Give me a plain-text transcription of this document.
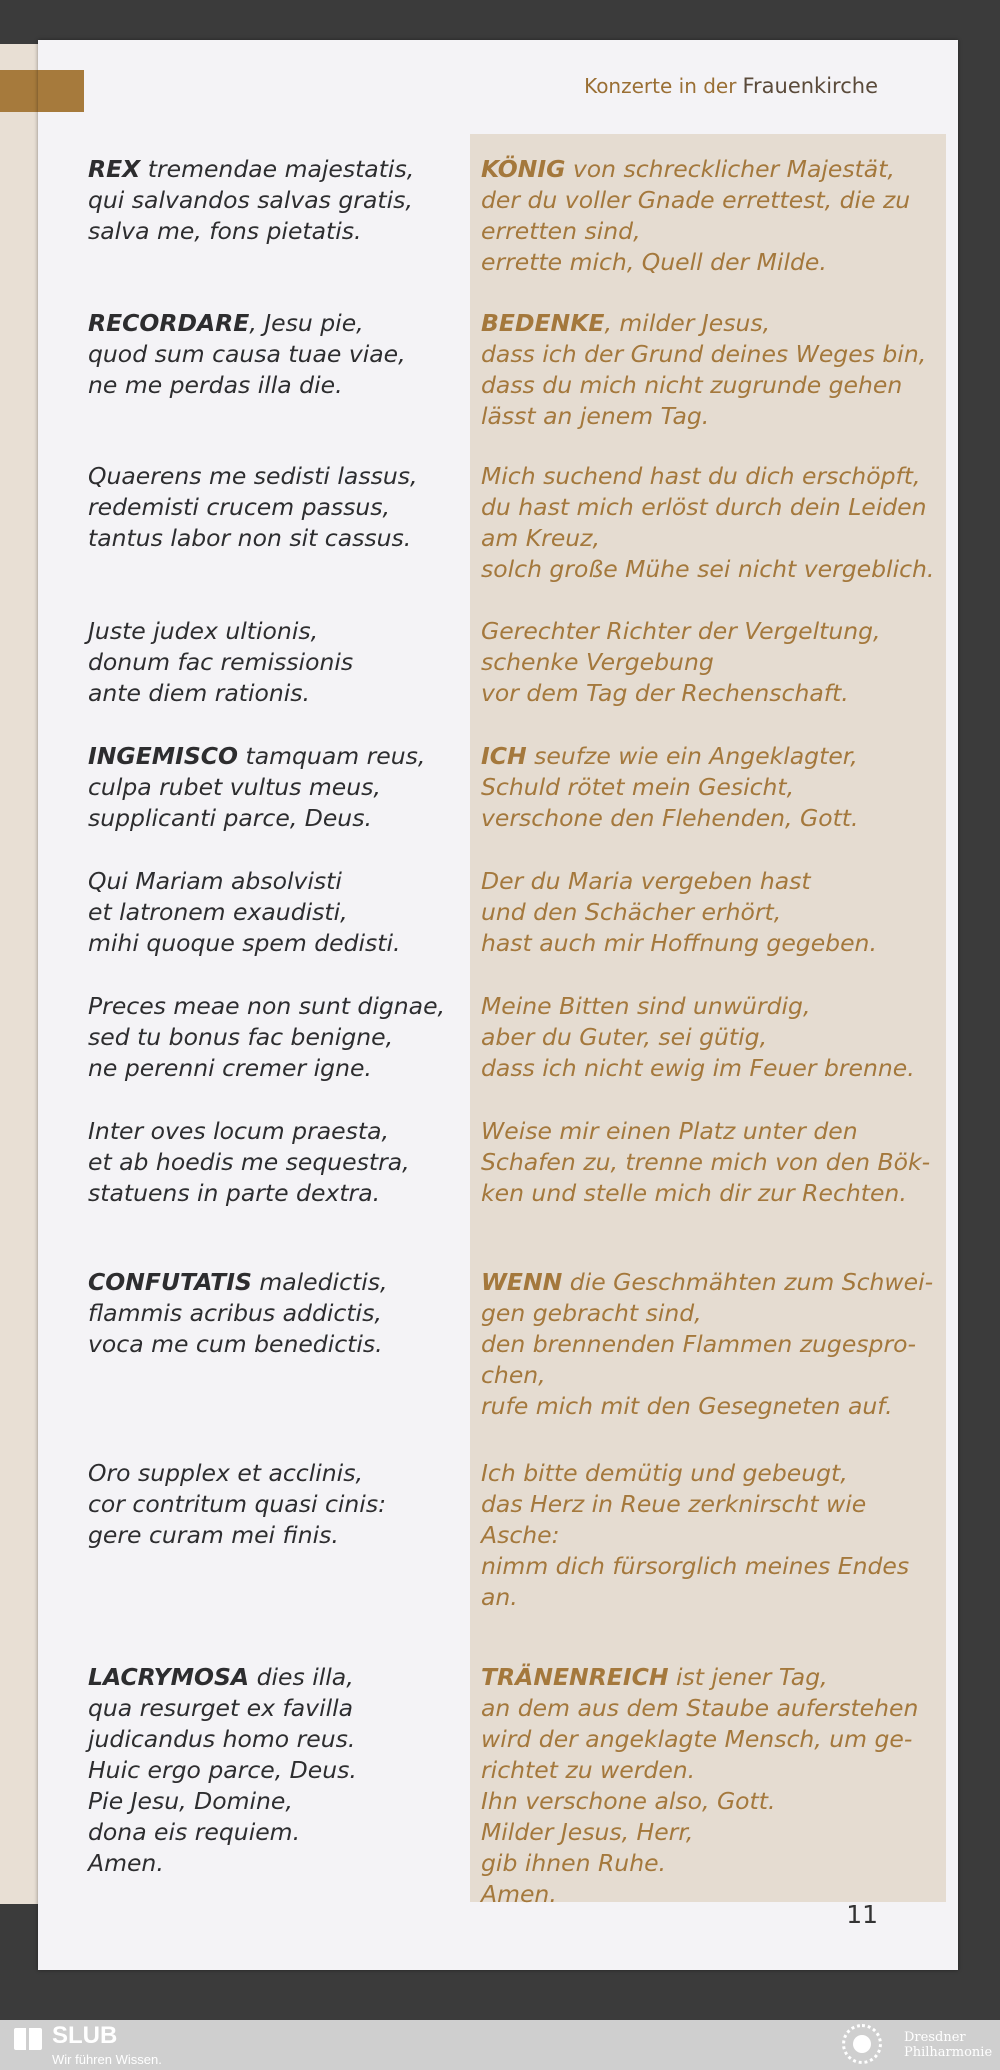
Konzerte in der Frauenkirche
11
REX tremendae majestatis,
qui salvandos salvas gratis,
salva me, fons pietatis.
KÖNIG von schrecklicher Majestät,
der du voller Gnade errettest, die zu
erretten sind,
errette mich, Quell der Milde.
RECORDARE, Jesu pie,
quod sum causa tuae viae,
ne me perdas illa die.
BEDENKE, milder Jesus,
dass ich der Grund deines Weges bin,
dass du mich nicht zugrunde gehen
lässt an jenem Tag.
Quaerens me sedisti lassus,
redemisti crucem passus,
tantus labor non sit cassus.
Mich suchend hast du dich erschöpft,
du hast mich erlöst durch dein Leiden
am Kreuz,
solch große Mühe sei nicht vergeblich.
Juste judex ultionis,
donum fac remissionis
ante diem rationis.
Gerechter Richter der Vergeltung,
schenke Vergebung
vor dem Tag der Rechenschaft.
INGEMISCO tamquam reus,
culpa rubet vultus meus,
supplicanti parce, Deus.
ICH seufze wie ein Angeklagter,
Schuld rötet mein Gesicht,
verschone den Flehenden, Gott.
Qui Mariam absolvisti
et latronem exaudisti,
mihi quoque spem dedisti.
Der du Maria vergeben hast
und den Schächer erhört,
hast auch mir Hoffnung gegeben.
Preces meae non sunt dignae,
sed tu bonus fac benigne,
ne perenni cremer igne.
Meine Bitten sind unwürdig,
aber du Guter, sei gütig,
dass ich nicht ewig im Feuer brenne.
Inter oves locum praesta,
et ab hoedis me sequestra,
statuens in parte dextra.
Weise mir einen Platz unter den
Schafen zu, trenne mich von den Bök-
ken und stelle mich dir zur Rechten.
CONFUTATIS maledictis,
flammis acribus addictis,
voca me cum benedictis.
WENN die Geschmähten zum Schwei-
gen gebracht sind,
den brennenden Flammen zugespro-
chen,
rufe mich mit den Gesegneten auf.
Oro supplex et acclinis,
cor contritum quasi cinis:
gere curam mei finis.
Ich bitte demütig und gebeugt,
das Herz in Reue zerknirscht wie
Asche:
nimm dich fürsorglich meines Endes
an.
LACRYMOSA dies illa,
qua resurget ex favilla
judicandus homo reus.
Huic ergo parce, Deus.
Pie Jesu, Domine,
dona eis requiem.
Amen.
TRÄNENREICH ist jener Tag,
an dem aus dem Staube auferstehen
wird der angeklagte Mensch, um ge-
richtet zu werden.
Ihn verschone also, Gott.
Milder Jesus, Herr,
gib ihnen Ruhe.
Amen.
SLUB
Wir führen Wissen.
Dresdner
Philharmonie
